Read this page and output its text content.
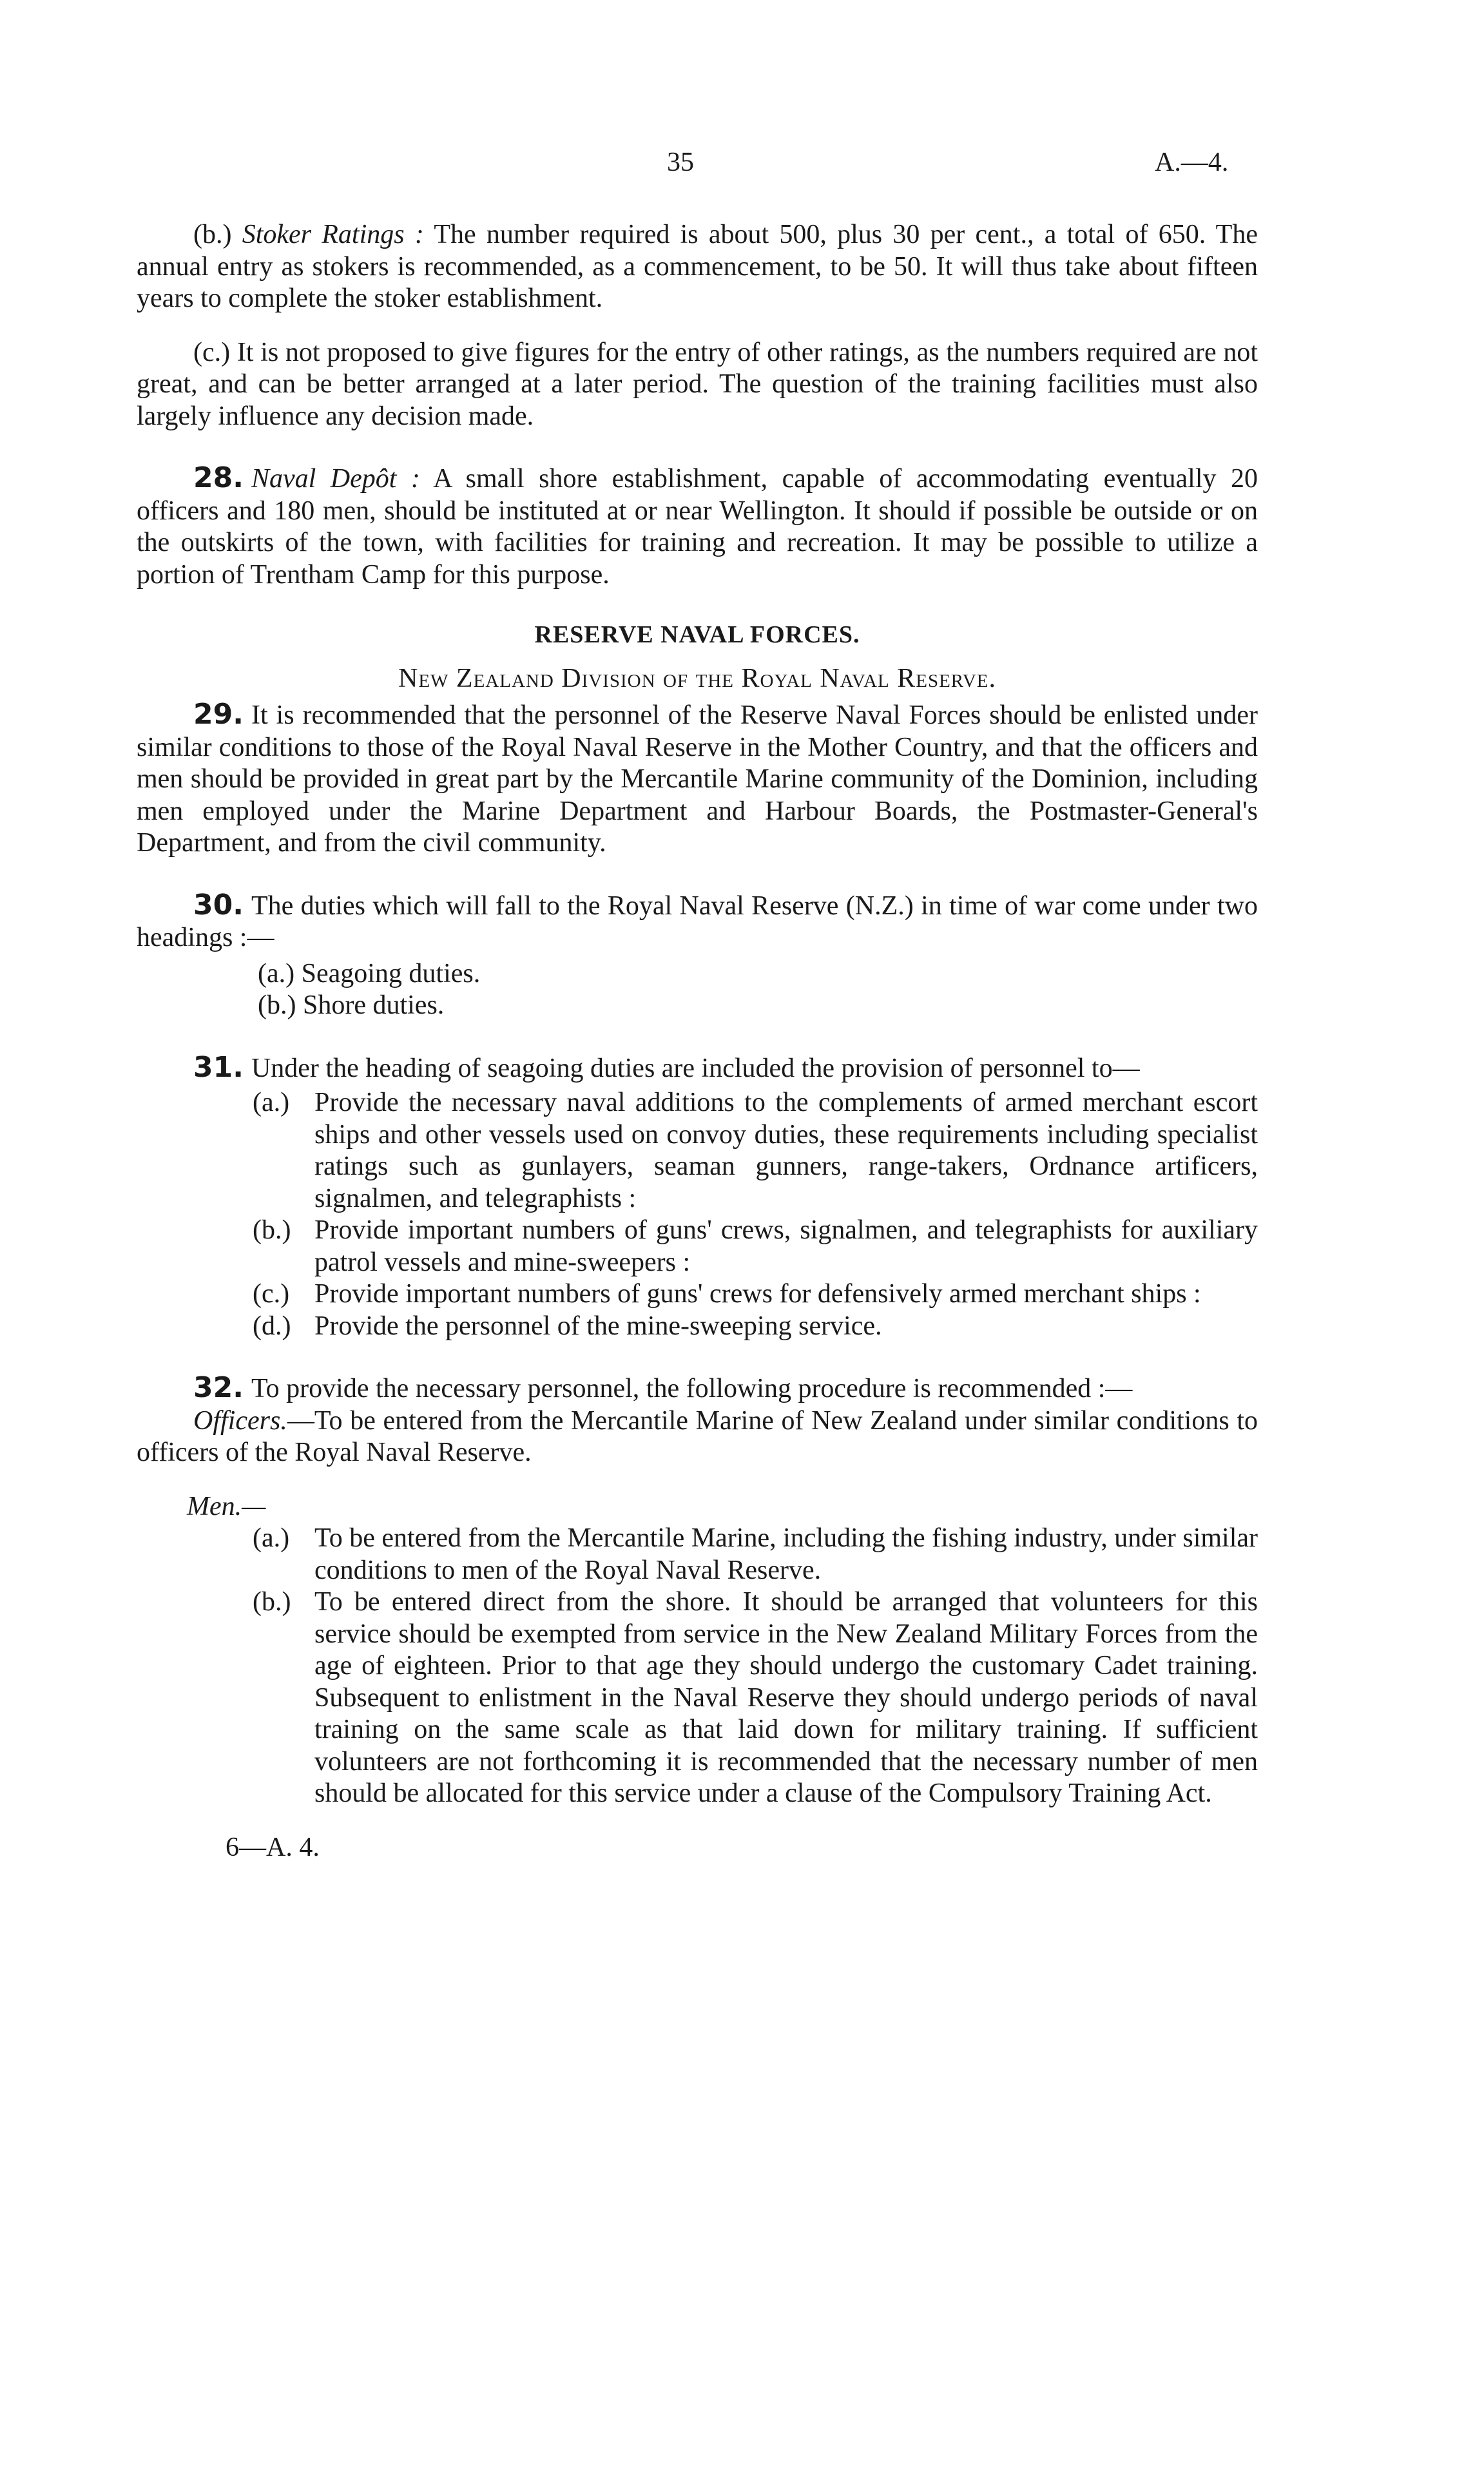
35	A.—4.

(b.) Stoker Ratings : The number required is about 500, plus 30 per cent., a total of 650. The annual entry as stokers is recommended, as a commencement, to be 50. It will thus take about fifteen years to complete the stoker establishment.

(c.) It is not proposed to give figures for the entry of other ratings, as the numbers required are not great, and can be better arranged at a later period. The question of the training facilities must also largely influence any decision made.

28. Naval Depôt : A small shore establishment, capable of accommodating eventually 20 officers and 180 men, should be instituted at or near Wellington. It should if possible be outside or on the outskirts of the town, with facilities for training and recreation. It may be possible to utilize a portion of Trentham Camp for this purpose.

RESERVE NAVAL FORCES.

New Zealand Division of the Royal Naval Reserve.

29. It is recommended that the personnel of the Reserve Naval Forces should be enlisted under similar conditions to those of the Royal Naval Reserve in the Mother Country, and that the officers and men should be provided in great part by the Mercantile Marine community of the Dominion, including men employed under the Marine Department and Harbour Boards, the Postmaster-General's Department, and from the civil community.

30. The duties which will fall to the Royal Naval Reserve (N.Z.) in time of war come under two headings :—

(a.) Seagoing duties.

(b.) Shore duties.

31. Under the heading of seagoing duties are included the provision of personnel to—

(a.) Provide the necessary naval additions to the complements of armed merchant escort ships and other vessels used on convoy duties, these requirements including specialist ratings such as gunlayers, seaman gunners, range-takers, Ordnance artificers, signalmen, and telegraphists :

(b.) Provide important numbers of guns' crews, signalmen, and telegraphists for auxiliary patrol vessels and mine-sweepers :

(c.) Provide important numbers of guns' crews for defensively armed merchant ships :

(d.) Provide the personnel of the mine-sweeping service.

32. To provide the necessary personnel, the following procedure is recommended :—

Officers.—To be entered from the Mercantile Marine of New Zealand under similar conditions to officers of the Royal Naval Reserve.

Men.—

(a.) To be entered from the Mercantile Marine, including the fishing industry, under similar conditions to men of the Royal Naval Reserve.

(b.) To be entered direct from the shore. It should be arranged that volunteers for this service should be exempted from service in the New Zealand Military Forces from the age of eighteen. Prior to that age they should undergo the customary Cadet training. Subsequent to enlistment in the Naval Reserve they should undergo periods of naval training on the same scale as that laid down for military training. If sufficient volunteers are not forthcoming it is recommended that the necessary number of men should be allocated for this service under a clause of the Compulsory Training Act.

6—A. 4.
